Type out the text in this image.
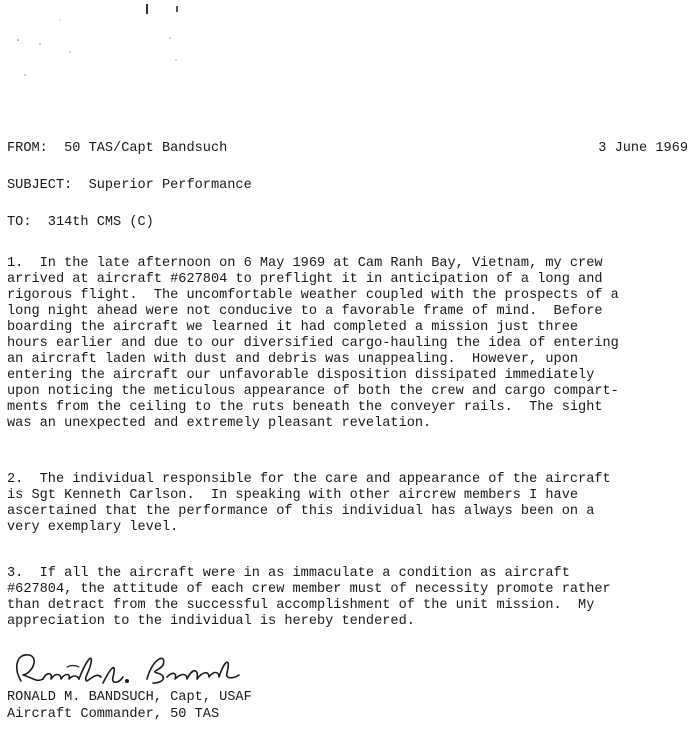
FROM:  50 TAS/Capt Bandsuch	3 June 1969
SUBJECT:  Superior Performance
TO:  314th CMS (C)
1.  In the late afternoon on 6 May 1969 at Cam Ranh Bay, Vietnam, my crew
arrived at aircraft #627804 to preflight it in anticipation of a long and
rigorous flight.  The uncomfortable weather coupled with the prospects of a
long night ahead were not conducive to a favorable frame of mind.  Before
boarding the aircraft we learned it had completed a mission just three
hours earlier and due to our diversified cargo-hauling the idea of entering
an aircraft laden with dust and debris was unappealing.  However, upon
entering the aircraft our unfavorable disposition dissipated immediately
upon noticing the meticulous appearance of both the crew and cargo compart-
ments from the ceiling to the ruts beneath the conveyer rails.  The sight
was an unexpected and extremely pleasant revelation.
2.  The individual responsible for the care and appearance of the aircraft
is Sgt Kenneth Carlson.  In speaking with other aircrew members I have
ascertained that the performance of this individual has always been on a
very exemplary level.
3.  If all the aircraft were in as immaculate a condition as aircraft
#627804, the attitude of each crew member must of necessity promote rather
than detract from the successful accomplishment of the unit mission.  My
appreciation to the individual is hereby tendered.
RONALD M. BANDSUCH, Capt, USAF
Aircraft Commander, 50 TAS
